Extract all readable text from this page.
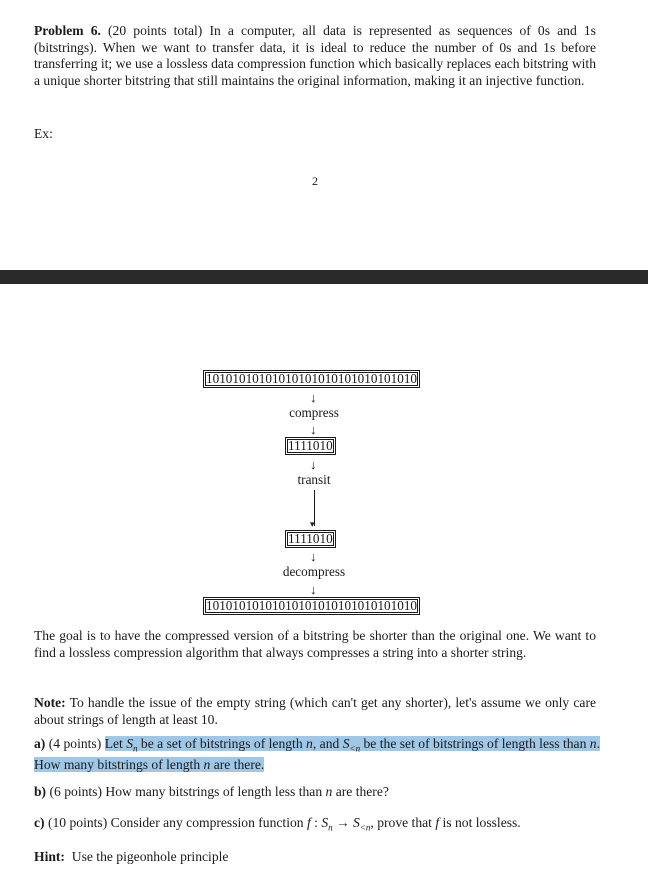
Problem 6. (20 points total) In a computer, all data is represented as sequences of 0s and 1s (bitstrings). When we want to transfer data, it is ideal to reduce the number of 0s and 1s before transferring it; we use a lossless data compression function which basically replaces each bitstring with a unique shorter bitstring that still maintains the original information, making it an injective function.

Ex:
2
10101010101010101010101010101010
↓
compress
↓
1111010
↓
transit
▾
1111010
↓
decompress
↓
10101010101010101010101010101010
The goal is to have the compressed version of a bitstring be shorter than the original one. We want to find a lossless compression algorithm that always compresses a string into a shorter string.

Note: To handle the issue of the empty string (which can't get any shorter), let's assume we only care about strings of length at least 10.

a) (4 points) Let $S_n$ be a set of bitstrings of length n, and $S_{<n}$ be the set of bitstrings of length less than n. How many bitstrings of length n are there.
b) (6 points) How many bitstrings of length less than n are there?
c) (10 points) Consider any compression function f : $S_n \to S_{<n}$, prove that f is not lossless.
Hint: Use the pigeonhole principle
